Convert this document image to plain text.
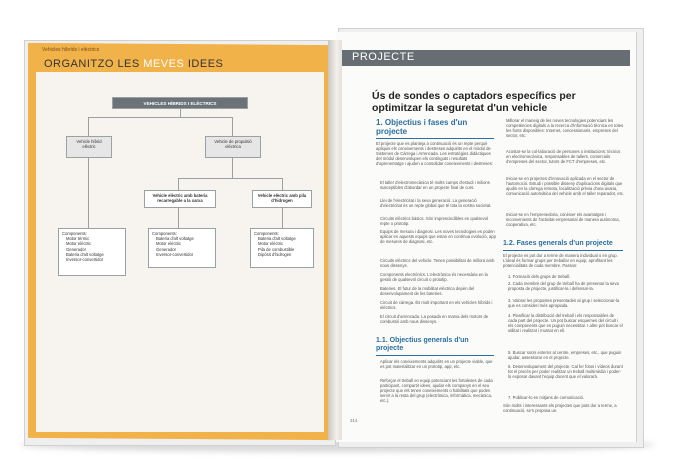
Vehicles híbrids i elèctrics
ORGANITZO LES MEVES IDEES
VEHICLES HÍBRIDS I ELÈCTRICS
Vehicle híbrid elèctric
Vehicle de propulsió elèctrica
Vehicle elèctric amb bateria recarregable a la xarxa
Vehicle elèctric amb pila d'hidrogen
Components:
Motor tèrmic
Motor elèctric
Generador
Bateria d'alt voltatge
Inversor-convertidor
Components:
Bateria d'alt voltatge
Motor elèctric
Generador
Inversor-convertidor
Components:
Bateria d'alt voltatge
Motor elèctric
Pila de combustible
Dipòsit d'hidrogen
PROJECTE
Ús de sondes o captadors específics per optimitzar la seguretat d'un vehicle
1. Objectius i fases d'un projecte
El projecte que es planteja a continuació és un repte perquè apliquis els coneixements i destreses adquirits en el mòdul de Sistemes de Càrrega i Arrencada. Les estratègies didàctiques del mòdul desenvolupen els continguts i resultats d'aprenentatge i ajuden a consolidar coneixements i destreses:
El taller d'electromecànica té molts camps d'estudi i milions susceptibles d'abordar en un projecte final de curs.
Llei de l'electricitat i la seva generació. La generació d'electricitat és un repte global que té tota la nostra societat.
Circuits elèctrics bàsics. Són imprescindibles en qualsevol repte o prototip.
Equips de mesura i diagnosi. Les noves tecnologies es poden aplicar en aquests equips que estan en contínua evolució, app de mesures de diagnosi, etc.
Circuits elèctrics del vehicle. Tenen possibilitat de millora amb nous dissenys.
Components electrònics. L'electrònica és necessària en la gestió de qualsevol circuit o prototip.
Bateries. El futur de la mobilitat elèctrica depèn del desenvolupament de les bateries.
Circuit de càrrega. És molt important en els vehicles híbrids i elèctrics.
El circuit d'arrencada. La posada en marxa dels motors de combustió amb nous dissenys.
1.1. Objectius generals d'un projecte
Aplicar els coneixements adquirits en un projecte viable, que es pot materialitzar en un prototip, app, etc.
Reforçar el treball en equip potenciant les fortaleses de cada participant, compartir idees, ajudar els companys en el seu projecte que els tenen coneixements o habilitats que poden servir a la resta del grup (electrònica, informàtica, mecànica, etc.).
Millorar el maneig de les noves tecnologies potenciant les competències digitals a la recerca d'informació tècnica en totes les fonts disponibles: Internet, concessionaris, empreses del sector, etc.
Acostar-se la col·laboració de persones o institucions: tècnics en electromecànica, responsables de tallers, comercials d'empreses del sector, tutors de FCT d'empreses, etc.
Iniciar-se en projectes d'innovació aplicada en el sector de l'automoció. Estudi i possible disseny d'aplicacions digitals que ajudin en la càrrega remota, localització prèvia d'una avaria, comunicació automàtica del vehicle amb el taller reparador, etc.
Iniciar-se en l'emprenedoria, conèixer els avantatges i inconvenients de l'activitat empresarial de manera autònoma, cooperativa, etc.
1.2. Fases generals d'un projecte
El projecte es pot dur a terme de manera individual o en grup. L'ideal és formar grups per treballar en equip, aprofitant les potencialitats de cada membre. Passos:
1. Formació dels grups de treball.
2. Cada membre del grup de treball ha de presentar la seva proposta de projecte, justificar-la i defensar-la.
3. Valorar les propostes presentades al grup i seleccionar-la que es consideri més apropiada.
4. Planificar la distribució del treball i els responsables de cada part del projecte. Un pot buscar esquemes del circuit i els components que es puguin necessitar. I altre pot buscar el utilitat i realitzat i muntat en ell.
5. Buscar socis externs al centre, empreses, etc., que puguin ajudar, assessorar en el projecte.
6. Desenvolupament del projecte. Cal fer fotos i vídeos durant tot el procés per poder realitzar un treball multimèdia i poder-lo exposar davant l'equip docent que el valorarà.
7. Publicar-lo en mitjans de comunicació.
Són molts i interessants els projectes que pots dur a terme, a continuació, se'n proposa un.
314
